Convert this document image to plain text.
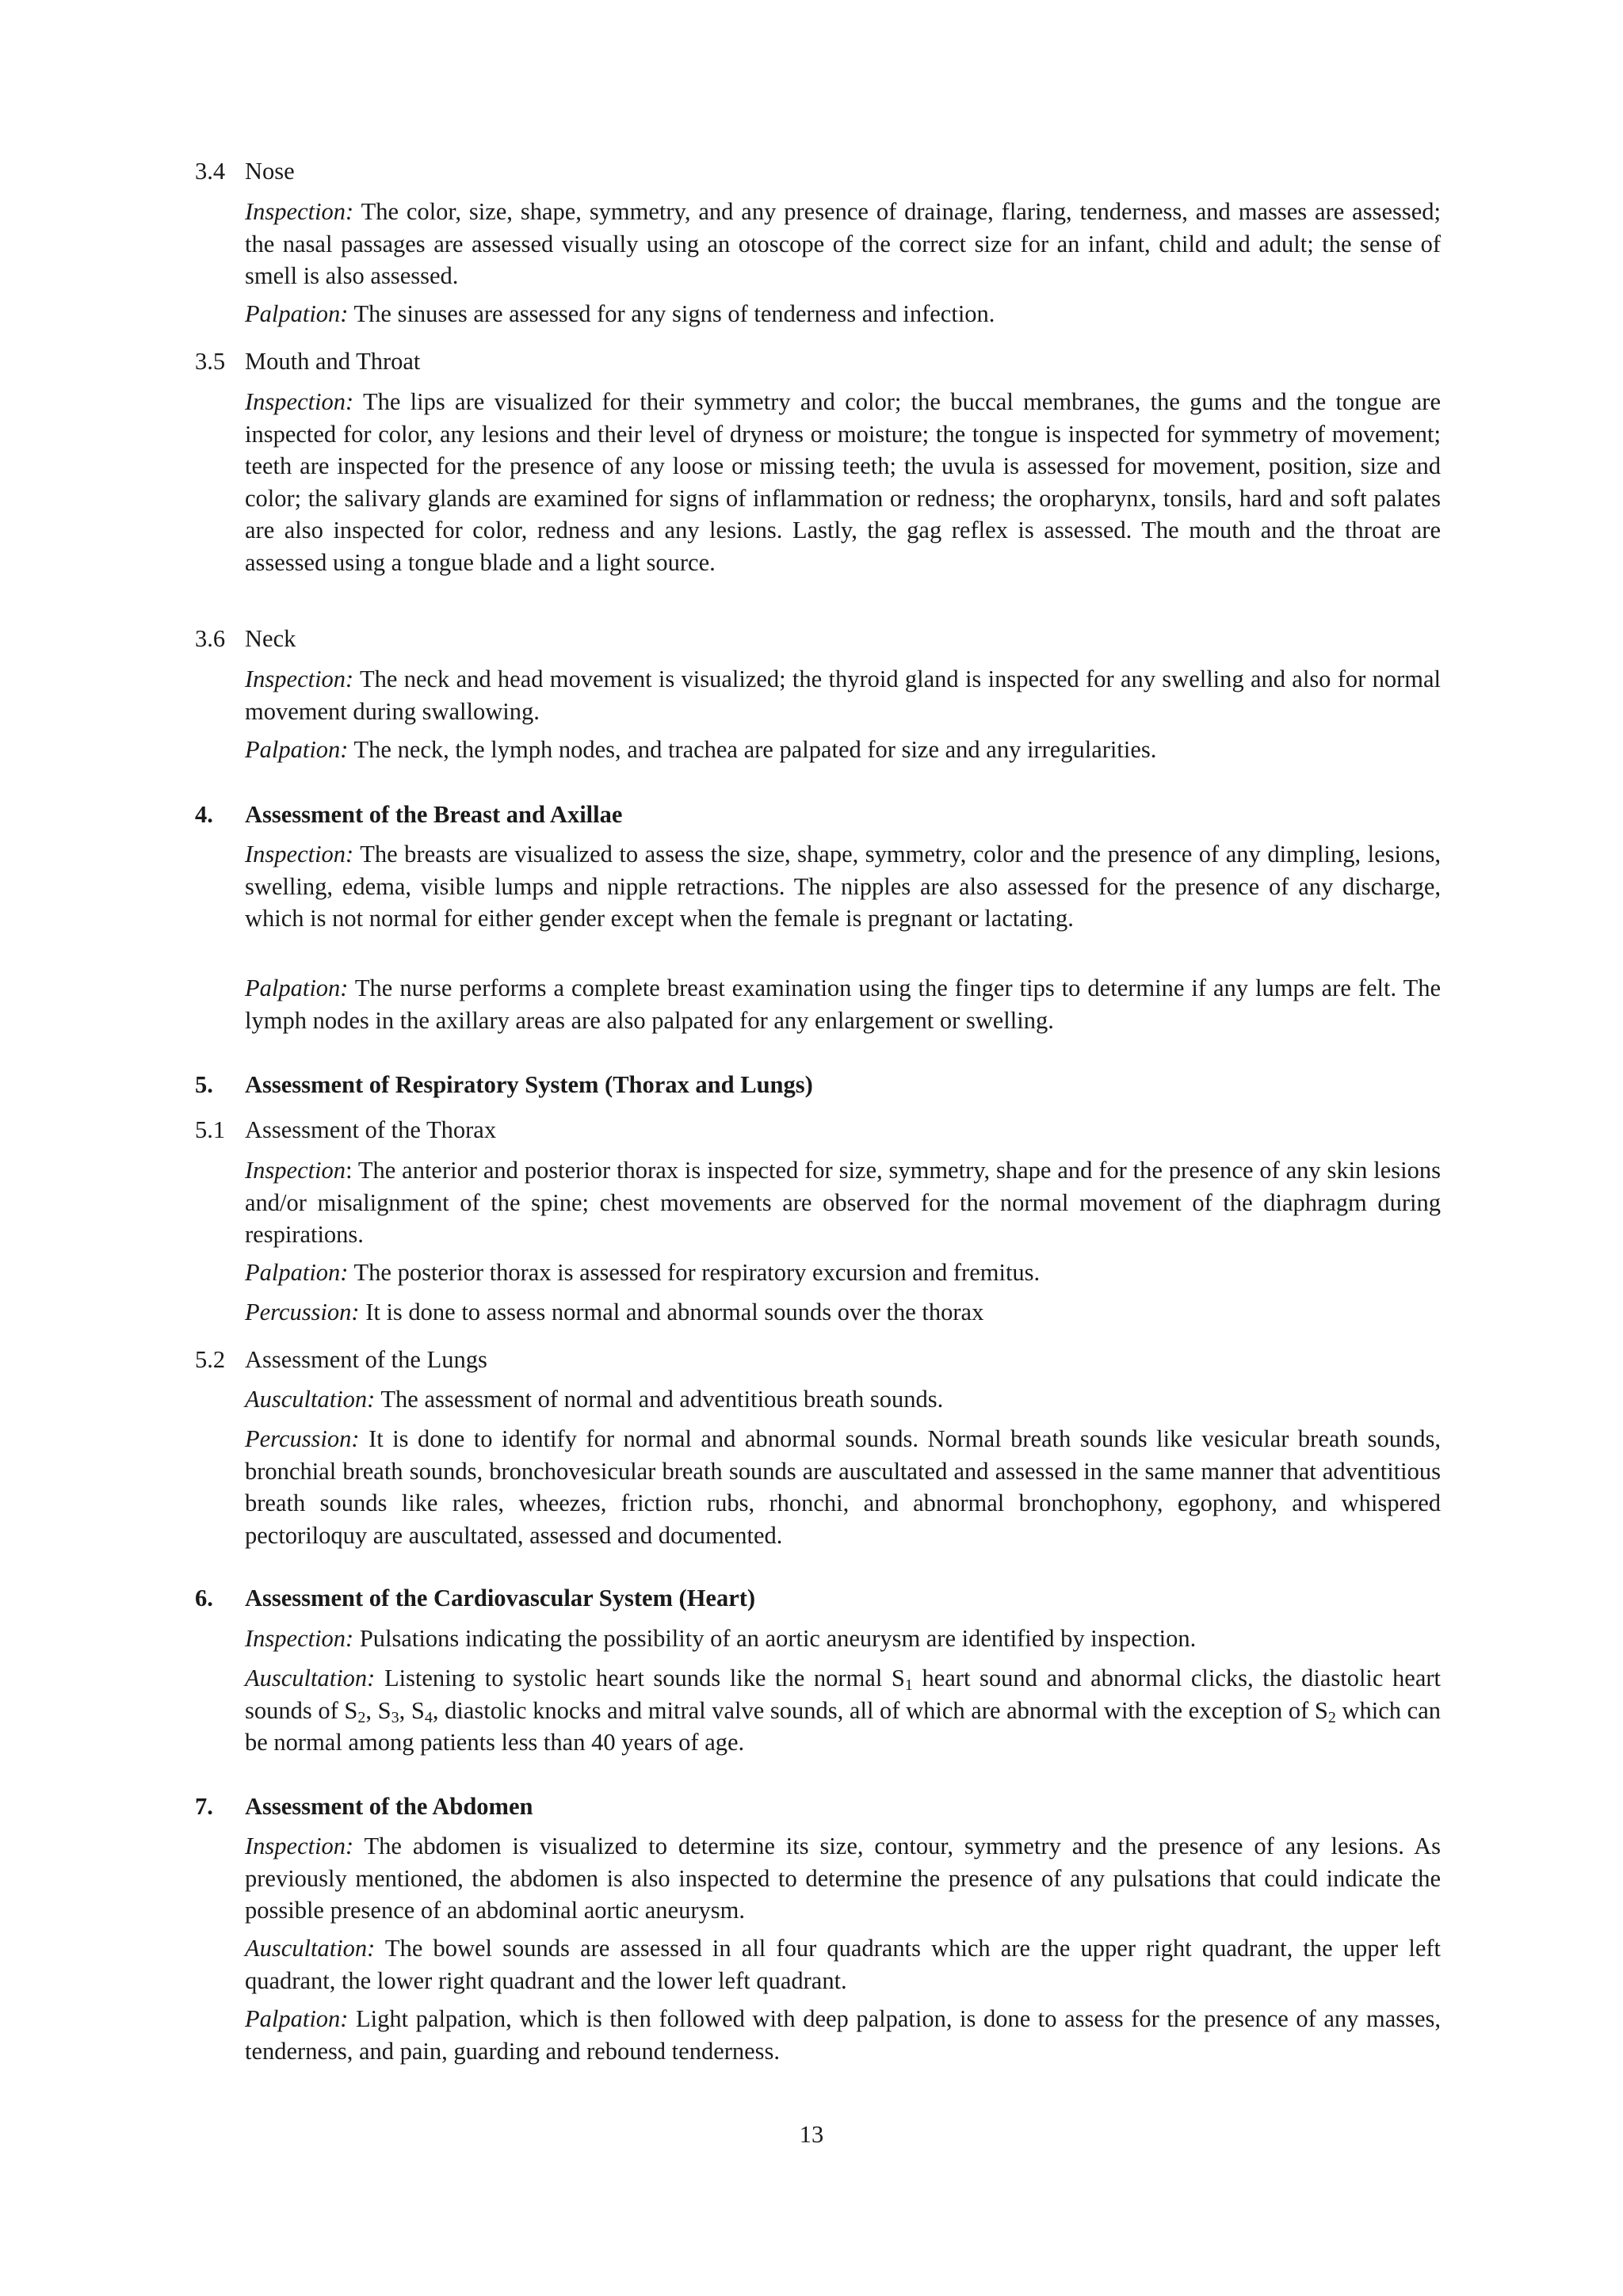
3.4 Nose
Inspection: The color, size, shape, symmetry, and any presence of drainage, flaring, tenderness, and masses are assessed; the nasal passages are assessed visually using an otoscope of the correct size for an infant, child and adult; the sense of smell is also assessed.
Palpation: The sinuses are assessed for any signs of tenderness and infection.
3.5 Mouth and Throat
Inspection: The lips are visualized for their symmetry and color; the buccal membranes, the gums and the tongue are inspected for color, any lesions and their level of dryness or moisture; the tongue is inspected for symmetry of movement; teeth are inspected for the presence of any loose or missing teeth; the uvula is assessed for movement, position, size and color; the salivary glands are examined for signs of inflammation or redness; the oropharynx, tonsils, hard and soft palates are also inspected for color, redness and any lesions. Lastly, the gag reflex is assessed. The mouth and the throat are assessed using a tongue blade and a light source.
3.6 Neck
Inspection: The neck and head movement is visualized; the thyroid gland is inspected for any swelling and also for normal movement during swallowing.
Palpation: The neck, the lymph nodes, and trachea are palpated for size and any irregularities.
4. Assessment of the Breast and Axillae
Inspection: The breasts are visualized to assess the size, shape, symmetry, color and the presence of any dimpling, lesions, swelling, edema, visible lumps and nipple retractions. The nipples are also assessed for the presence of any discharge, which is not normal for either gender except when the female is pregnant or lactating.
Palpation: The nurse performs a complete breast examination using the finger tips to determine if any lumps are felt. The lymph nodes in the axillary areas are also palpated for any enlargement or swelling.
5. Assessment of Respiratory System (Thorax and Lungs)
5.1 Assessment of the Thorax
Inspection: The anterior and posterior thorax is inspected for size, symmetry, shape and for the presence of any skin lesions and/or misalignment of the spine; chest movements are observed for the normal movement of the diaphragm during respirations.
Palpation: The posterior thorax is assessed for respiratory excursion and fremitus.
Percussion: It is done to assess normal and abnormal sounds over the thorax
5.2 Assessment of the Lungs
Auscultation: The assessment of normal and adventitious breath sounds.
Percussion: It is done to identify for normal and abnormal sounds. Normal breath sounds like vesicular breath sounds, bronchial breath sounds, bronchovesicular breath sounds are auscultated and assessed in the same manner that adventitious breath sounds like rales, wheezes, friction rubs, rhonchi, and abnormal bronchophony, egophony, and whispered pectoriloquy are auscultated, assessed and documented.
6. Assessment of the Cardiovascular System (Heart)
Inspection: Pulsations indicating the possibility of an aortic aneurysm are identified by inspection.
Auscultation: Listening to systolic heart sounds like the normal $S_1$ heart sound and abnormal clicks, the diastolic heart sounds of $S_2$, $S_3$, $S_4$, diastolic knocks and mitral valve sounds, all of which are abnormal with the exception of $S_2$ which can be normal among patients less than 40 years of age.
7. Assessment of the Abdomen
Inspection: The abdomen is visualized to determine its size, contour, symmetry and the presence of any lesions. As previously mentioned, the abdomen is also inspected to determine the presence of any pulsations that could indicate the possible presence of an abdominal aortic aneurysm.
Auscultation: The bowel sounds are assessed in all four quadrants which are the upper right quadrant, the upper left quadrant, the lower right quadrant and the lower left quadrant.
Palpation: Light palpation, which is then followed with deep palpation, is done to assess for the presence of any masses, tenderness, and pain, guarding and rebound tenderness.
13
